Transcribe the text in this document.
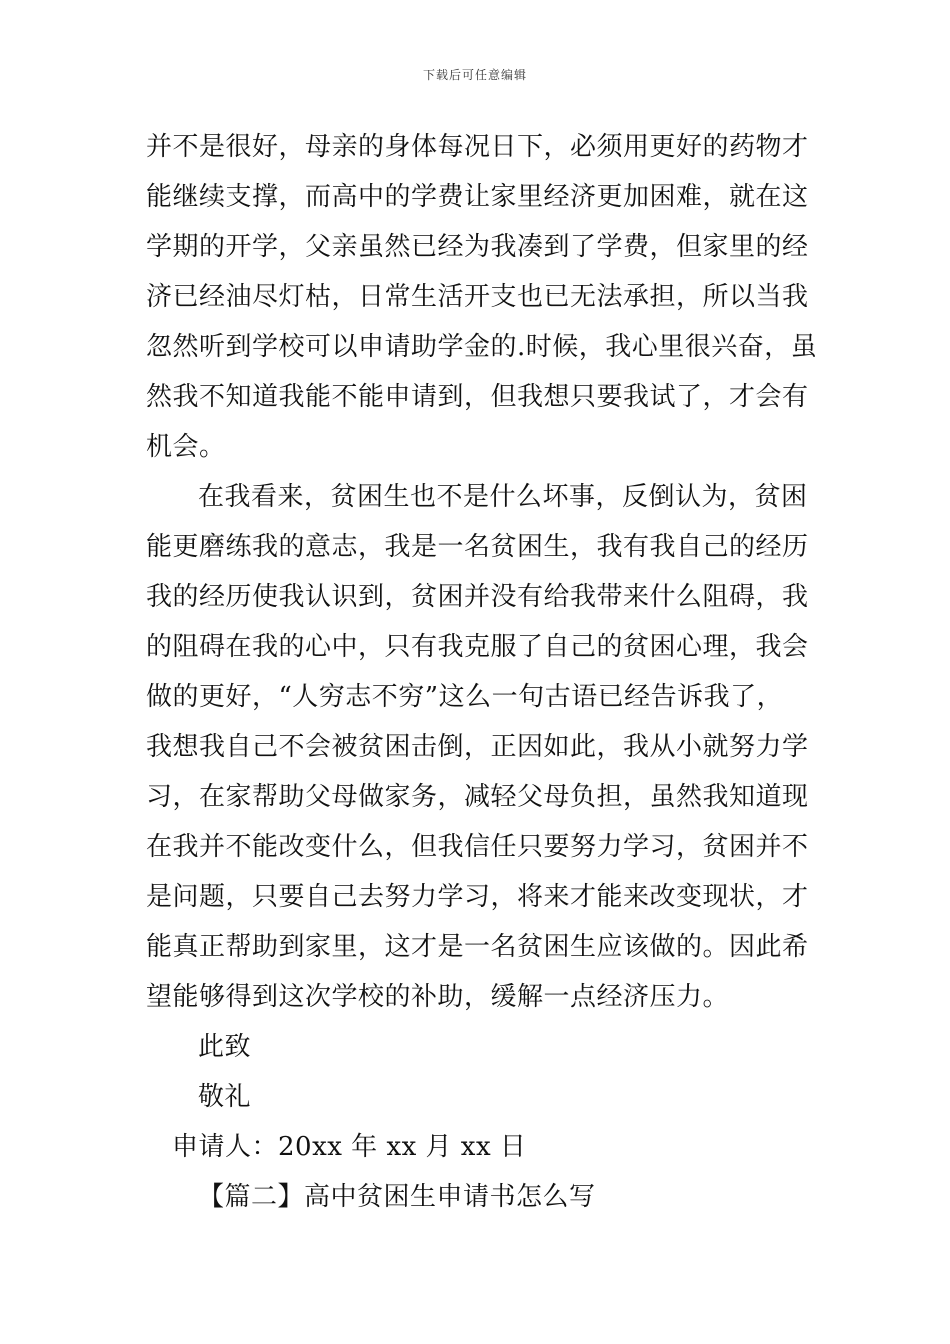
下载后可任意编辑
并不是很好，母亲的身体每况日下，必须用更好的药物才
能继续支撑，而高中的学费让家里经济更加困难，就在这
学期的开学，父亲虽然已经为我凑到了学费，但家里的经
济已经油尽灯枯，日常生活开支也已无法承担，所以当我
忽然听到学校可以申请助学金的.时候，我心里很兴奋，虽
然我不知道我能不能申请到，但我想只要我试了，才会有
机会。
在我看来，贫困生也不是什么坏事，反倒认为，贫困
能更磨练我的意志，我是一名贫困生，我有我自己的经历
我的经历使我认识到，贫困并没有给我带来什么阻碍，我
的阻碍在我的心中，只有我克服了自己的贫困心理，我会
做的更好，“人穷志不穷”这么一句古语已经告诉我了，
我想我自己不会被贫困击倒，正因如此，我从小就努力学
习，在家帮助父母做家务，减轻父母负担，虽然我知道现
在我并不能改变什么，但我信任只要努力学习，贫困并不
是问题，只要自己去努力学习，将来才能来改变现状，才
能真正帮助到家里，这才是一名贫困生应该做的。因此希
望能够得到这次学校的补助，缓解一点经济压力。
此致
敬礼
申请人：20xx 年 xx 月 xx 日
【篇二】高中贫困生申请书怎么写
